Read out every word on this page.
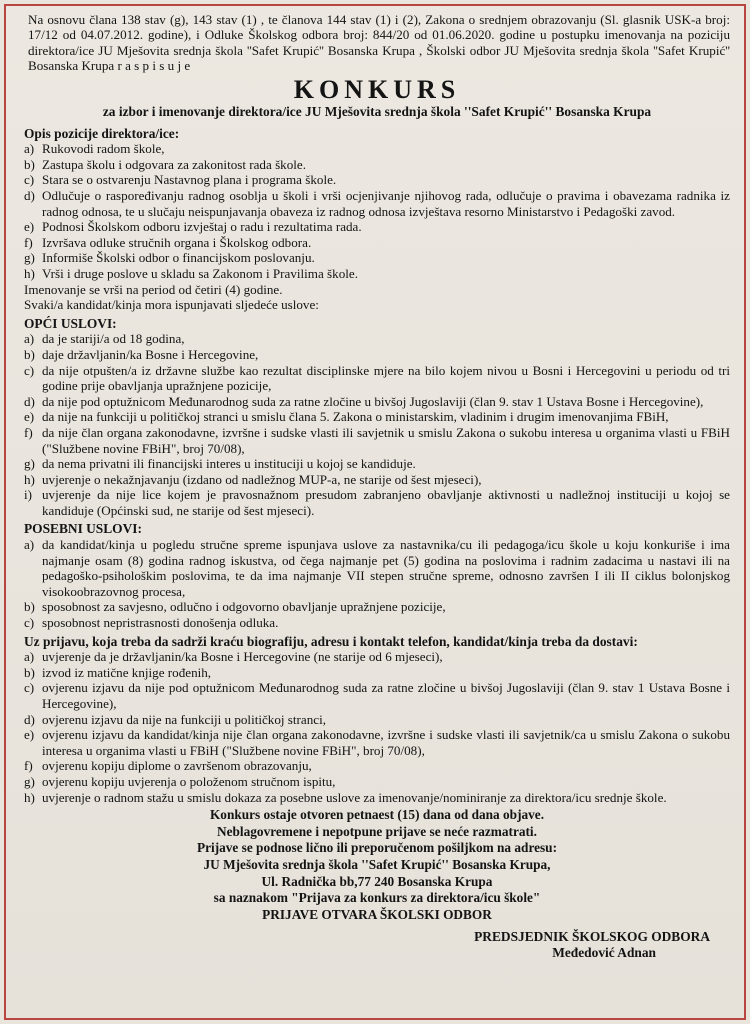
Na osnovu člana 138 stav (g), 143 stav (1) , te članova 144 stav (1) i (2), Zakona o srednjem obrazovanju (Sl. glasnik USK-a broj: 17/12 od 04.07.2012. godine), i Odluke Školskog odbora broj: 844/20 od 01.06.2020. godine u postupku imenovanja na poziciju direktora/ice JU Mješovita srednja škola ''Safet Krupić'' Bosanska Krupa , Školski odbor JU Mješovita srednja škola ''Safet Krupić'' Bosanska Krupa r a s p i s u j e

KONKURS
za izbor i imenovanje direktora/ice JU Mješovita srednja škola ''Safet Krupić'' Bosanska Krupa
Opis pozicije direktora/ice:
a) Rukovodi radom škole,
b) Zastupa školu i odgovara za zakonitost rada škole.
c) Stara se o ostvarenju Nastavnog plana i programa škole.
d) Odlučuje o raspoređivanju radnog osoblja u školi i vrši ocjenjivanje njihovog rada, odlučuje o pravima i obavezama radnika iz radnog odnosa, te u slučaju neispunjavanja obaveza iz radnog odnosa izvještava resorno Ministarstvo i Pedagoški zavod.
e) Podnosi Školskom odboru izvještaj o radu i rezultatima rada.
f) Izvršava odluke stručnih organa i Školskog odbora.
g) Informiše Školski odbor o financijskom poslovanju.
h) Vrši i druge poslove u skladu sa Zakonom i Pravilima škole.
Imenovanje se vrši na period od četiri (4) godine.
Svaki/a kandidat/kinja mora ispunjavati sljedeće uslove:
OPĆI USLOVI:
a) da je stariji/a od 18 godina,
b) daje državljanin/ka Bosne i Hercegovine,
c) da nije otpušten/a iz državne službe kao rezultat disciplinske mjere na bilo kojem nivou u Bosni i Hercegovini u periodu od tri godine prije obavljanja upražnjene pozicije,
d) da nije pod optužnicom Međunarodnog suda za ratne zločine u bivšoj Jugoslaviji (član 9. stav 1 Ustava Bosne i Hercegovine),
e) da nije na funkciji u političkoj stranci u smislu člana 5. Zakona o ministarskim, vladinim i drugim imenovanjima FBiH,
f) da nije član organa zakonodavne, izvršne i sudske vlasti ili savjetnik u smislu Zakona o sukobu interesa u organima vlasti u FBiH ("Službene novine FBiH", broj 70/08),
g) da nema privatni ili financijski interes u instituciji u kojoj se kandiduje.
h) uvjerenje o nekažnjavanju (izdano od nadležnog MUP-a, ne starije od šest mjeseci),
i) uvjerenje da nije lice kojem je pravosnažnom presudom zabranjeno obavljanje aktivnosti u nadležnoj instituciji u kojoj se kandiduje (Općinski sud, ne starije od šest mjeseci).
POSEBNI USLOVI:
a) da kandidat/kinja u pogledu stručne spreme ispunjava uslove za nastavnika/cu ili pedagoga/icu škole u koju konkuriše i ima najmanje osam (8) godina radnog iskustva, od čega najmanje pet (5) godina na poslovima i radnim zadacima u nastavi ili na pedagoško-psihološkim poslovima, te da ima najmanje VII stepen stručne spreme, odnosno završen I ili II ciklus bolonjskog visokoobrazovnog procesa,
b) sposobnost za savjesno, odlučno i odgovorno obavljanje upražnjene pozicije,
c) sposobnost nepristrasnosti donošenja odluka.
Uz prijavu, koja treba da sadrži kraću biografiju, adresu i kontakt telefon, kandidat/kinja treba da dostavi:
a) uvjerenje da je državljanin/ka Bosne i Hercegovine (ne starije od 6 mjeseci),
b) izvod iz matične knjige rođenih,
c) ovjerenu izjavu da nije pod optužnicom Međunarodnog suda za ratne zločine u bivšoj Jugoslaviji (član 9. stav 1 Ustava Bosne i Hercegovine),
d) ovjerenu izjavu da nije na funkciji u političkoj stranci,
e) ovjerenu izjavu da kandidat/kinja nije član organa zakonodavne, izvršne i sudske vlasti ili savjetnik/ca u smislu Zakona o sukobu interesa u organima vlasti u FBiH ("Službene novine FBiH", broj 70/08),
f) ovjerenu kopiju diplome o završenom obrazovanju,
g) ovjerenu kopiju uvjerenja o položenom stručnom ispitu,
h) uvjerenje o radnom stažu u smislu dokaza za posebne uslove za imenovanje/nominiranje za direktora/icu srednje škole.
Konkurs ostaje otvoren petnaest (15) dana od dana objave.
Neblagovremene i nepotpune prijave se neće razmatrati.
Prijave se podnose lično ili preporučenom pošiljkom na adresu:
JU Mješovita srednja škola ''Safet Krupić'' Bosanska Krupa,
Ul. Radnička bb,77 240 Bosanska Krupa
sa naznakom "Prijava za konkurs za direktora/icu škole"
PRIJAVE OTVARA ŠKOLSKI ODBOR
PREDSJEDNIK ŠKOLSKOG ODBORA
Međedović Adnan
